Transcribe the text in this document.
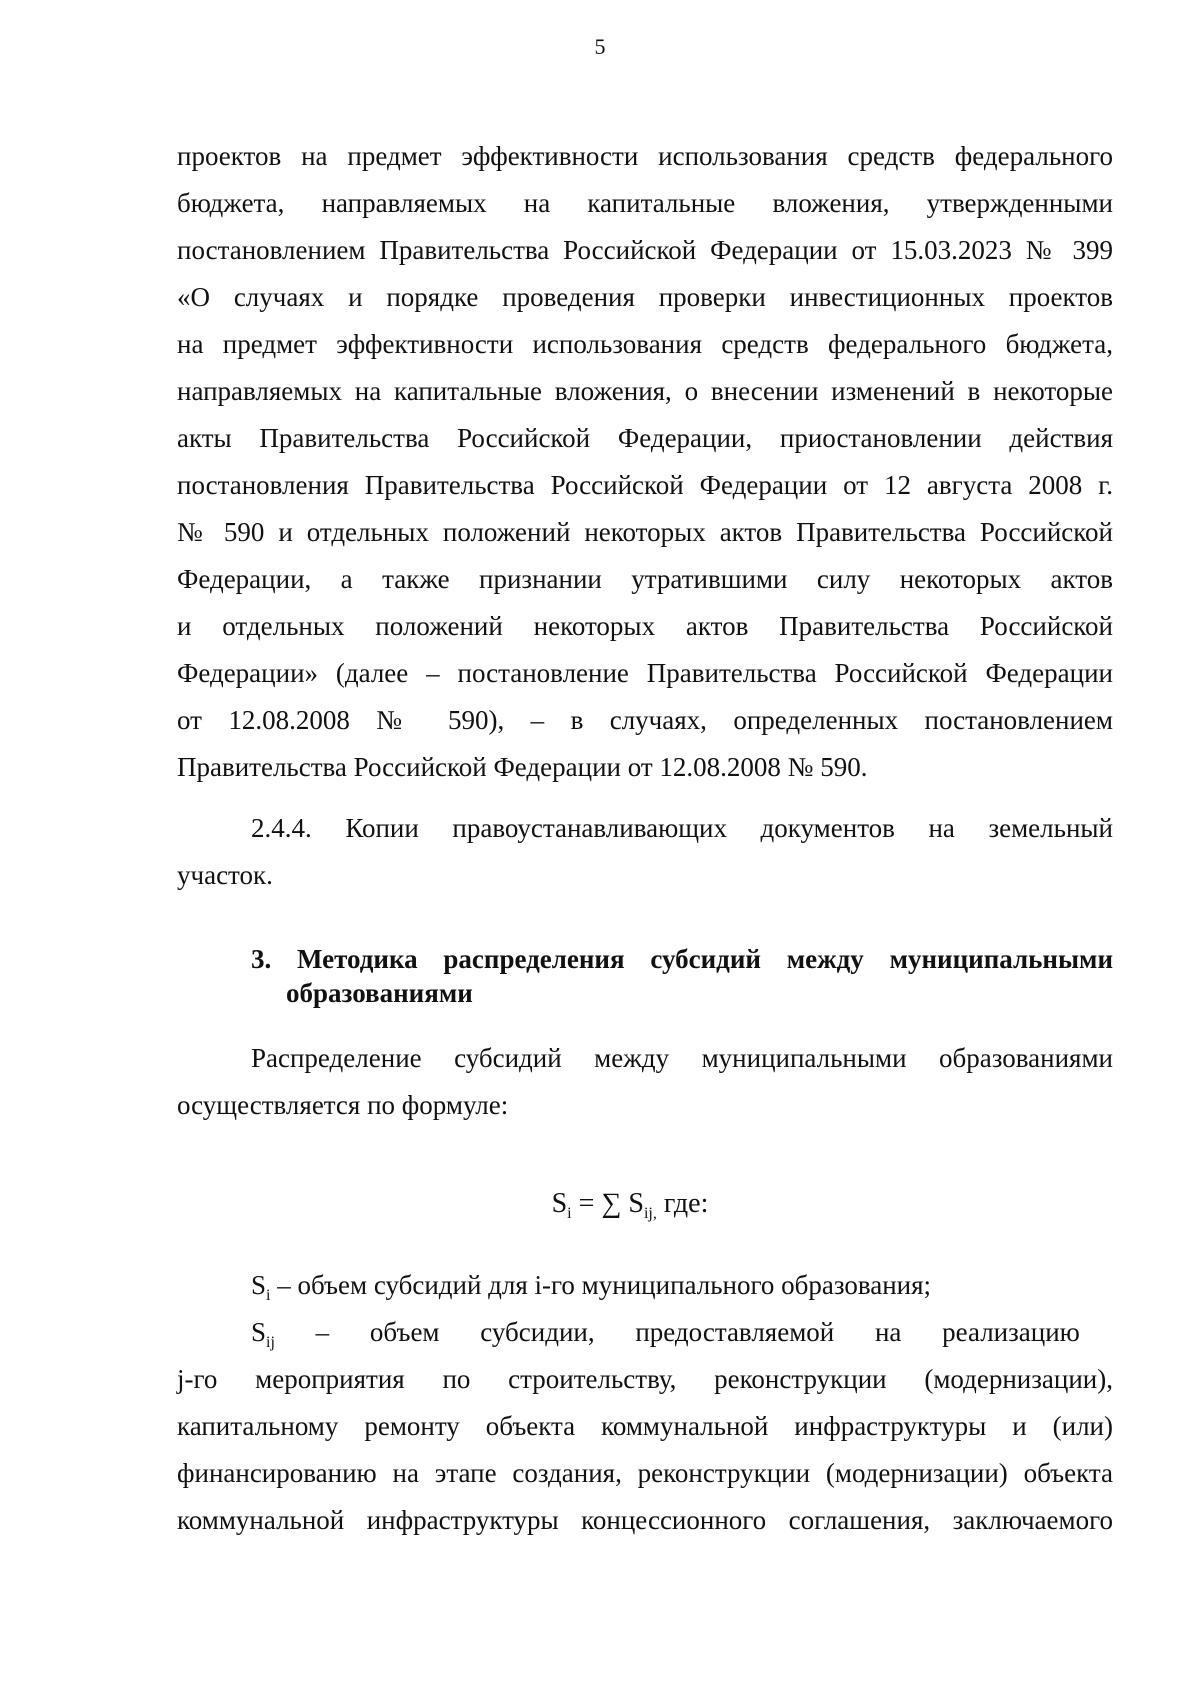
5
проектов на предмет эффективности использования средств федерального
бюджета, направляемых на капитальные вложения, утвержденными
постановлением Правительства Российской Федерации от 15.03.2023 № 399
«О случаях и порядке проведения проверки инвестиционных проектов
на предмет эффективности использования средств федерального бюджета,
направляемых на капитальные вложения, о внесении изменений в некоторые
акты Правительства Российской Федерации, приостановлении действия
постановления Правительства Российской Федерации от 12 августа 2008 г.
№ 590 и отдельных положений некоторых актов Правительства Российской
Федерации, а также признании утратившими силу некоторых актов
и отдельных положений некоторых актов Правительства Российской
Федерации» (далее – постановление Правительства Российской Федерации
от 12.08.2008 № 590), – в случаях, определенных постановлением
Правительства Российской Федерации от 12.08.2008 № 590.
2.4.4. Копии правоустанавливающих документов на земельный
участок.
3. Методика распределения субсидий между муниципальными
образованиями
Распределение субсидий между муниципальными образованиями
осуществляется по формуле:
$S_i$ = ∑ $S_{ij,}$ где:
$S_i$ – объем субсидий для i-го муниципального образования;
$S_{ij}$ – объем субсидии, предоставляемой на реализацию
j-го мероприятия по строительству, реконструкции (модернизации),
капитальному ремонту объекта коммунальной инфраструктуры и (или)
финансированию на этапе создания, реконструкции (модернизации) объекта
коммунальной инфраструктуры концессионного соглашения, заключаемого
